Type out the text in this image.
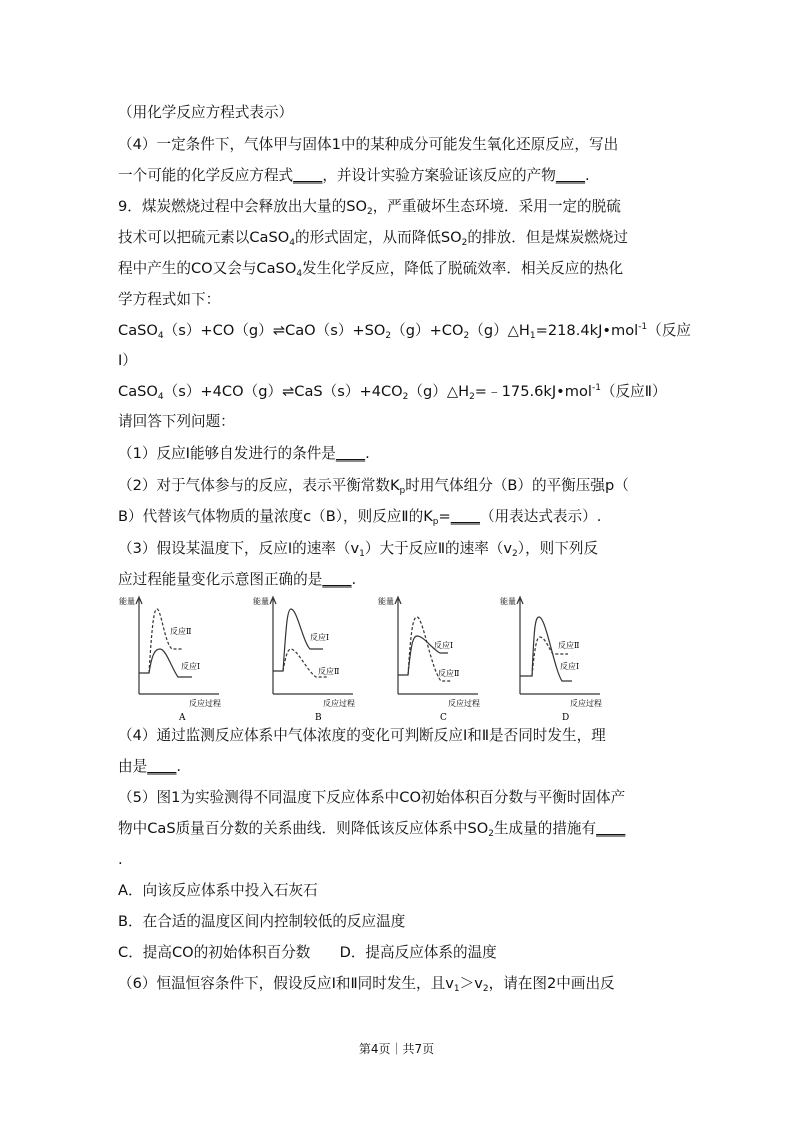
（用化学反应方程式表示）
（4）一定条件下，气体甲与固体1中的某种成分可能发生氧化还原反应，写出
一个可能的化学反应方程式____，并设计实验方案验证该反应的产物____.
9．煤炭燃烧过程中会释放出大量的$SO_2$，严重破坏生态环境．采用一定的脱硫
技术可以把硫元素以CaSO$_4$的形式固定，从而降低$SO_2$的排放．但是煤炭燃烧过
程中产生的CO又会与CaSO$_4$发生化学反应，降低了脱硫效率．相关反应的热化
学方程式如下：
$CaSO_4(s)+CO(g)\rightleftharpoons CaO(s)+SO_2(g)+CO_2(g)\triangle H_1=218.4kJ•mol^{-1}$（反应
Ⅰ）
$CaSO_4(s)+4CO(g)\rightleftharpoons CaS(s)+4CO_2(g)\triangle H_2=﹣175.6kJ•mol^{-1}$（反应Ⅱ）
请回答下列问题：
（1）反应Ⅰ能够自发进行的条件是____.
（2）对于气体参与的反应，表示平衡常数$K_p$时用气体组分（B）的平衡压强p（
B）代替该气体物质的量浓度c（B），则反应Ⅱ的$K_p=\_\_\_\_$（用表达式表示）.
（3）假设某温度下，反应Ⅰ的速率$(v_1)$大于反应Ⅱ的速率$(v_2)$，则下列反
应过程能量变化示意图正确的是____.
（4）通过监测反应体系中气体浓度的变化可判断反应Ⅰ和Ⅱ是否同时发生，理
由是____.
（5）图1为实验测得不同温度下反应体系中CO初始体积百分数与平衡时固体产
物中CaS质量百分数的关系曲线．则降低该反应体系中$SO_2$生成量的措施有____
.
A．向该反应体系中投入石灰石
B．在合适的温度区间内控制较低的反应温度
C．提高CO的初始体积百分数　　D．提高反应体系的温度
（6）恒温恒容条件下，假设反应Ⅰ和Ⅱ同时发生，且$v_1>v_2$，请在图2中画出反
能量
反应过程
反应Ⅱ
反应Ⅰ
A
能量
反应过程
反应Ⅰ
反应Ⅱ
B
能量
反应过程
反应Ⅰ
反应Ⅱ
C
能量
反应过程
反应Ⅱ
反应Ⅰ
D
第4页｜共7页
